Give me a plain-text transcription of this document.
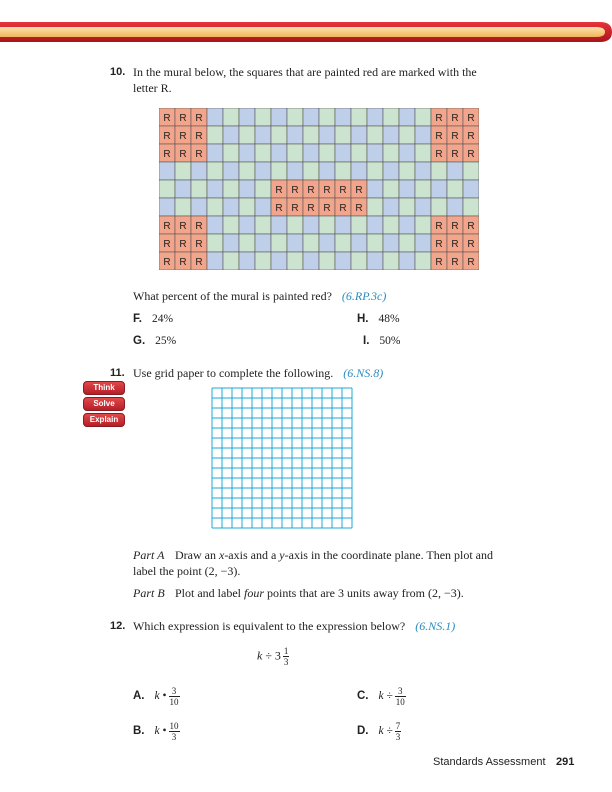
10. In the mural below, the squares that are painted red are marked with the letter R.
R R R	R R R
R R R	R R R
R R R	R R R
R R R R R R
R R R R R R
R R R	R R R
R R R	R R R
R R R	R R R
What percent of the mural is painted red? (6.RP.3c)
F. 24%	H. 48%
G. 25%	I. 50%
11. Use grid paper to complete the following. (6.NS.8)
Think
Solve
Explain
Part A Draw an x-axis and a y-axis in the coordinate plane. Then plot and label the point (2, −3).
Part B Plot and label four points that are 3 units away from (2, −3).
12. Which expression is equivalent to the expression below? (6.NS.1)
$k \div 3 \frac{1}{3}$
A. k • $\frac{3}{10}$	C. $k \div \frac{3}{10}$
B. k • $\frac{10}{3}$	D. $k \div \frac{7}{3}$
Standards Assessment 291
